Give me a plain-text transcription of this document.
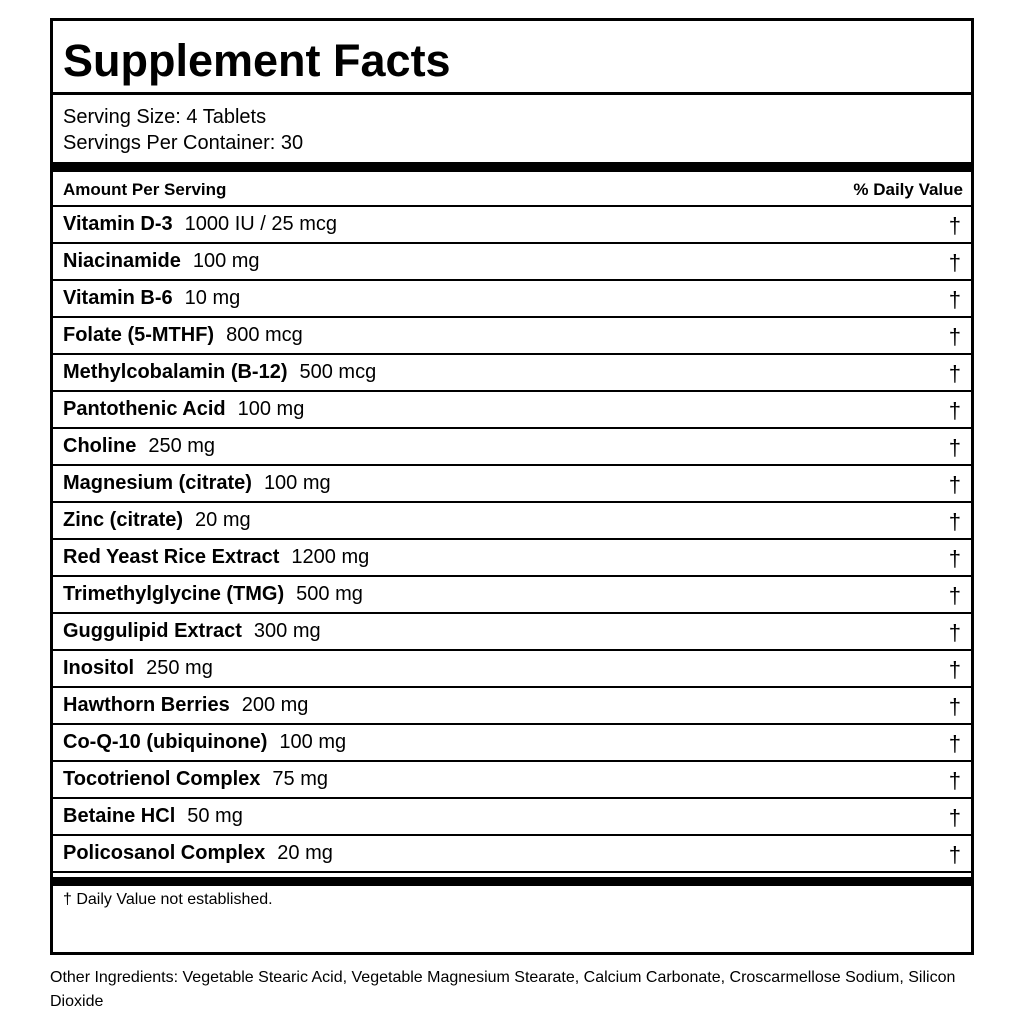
Supplement Facts
Serving Size: 4 Tablets
Servings Per Container: 30
Amount Per Serving	% Daily Value
Vitamin D-3 1000 IU / 25 mcg	†
Niacinamide 100 mg	†
Vitamin B-6 10 mg	†
Folate (5-MTHF) 800 mcg	†
Methylcobalamin (B-12) 500 mcg	†
Pantothenic Acid 100 mg	†
Choline 250 mg	†
Magnesium (citrate) 100 mg	†
Zinc (citrate) 20 mg	†
Red Yeast Rice Extract 1200 mg	†
Trimethylglycine (TMG) 500 mg	†
Guggulipid Extract 300 mg	†
Inositol 250 mg	†
Hawthorn Berries 200 mg	†
Co-Q-10 (ubiquinone) 100 mg	†
Tocotrienol Complex 75 mg	†
Betaine HCl 50 mg	†
Policosanol Complex 20 mg	†
† Daily Value not established.
Other Ingredients: Vegetable Stearic Acid, Vegetable Magnesium Stearate, Calcium Carbonate, Croscarmellose Sodium, Silicon Dioxide
